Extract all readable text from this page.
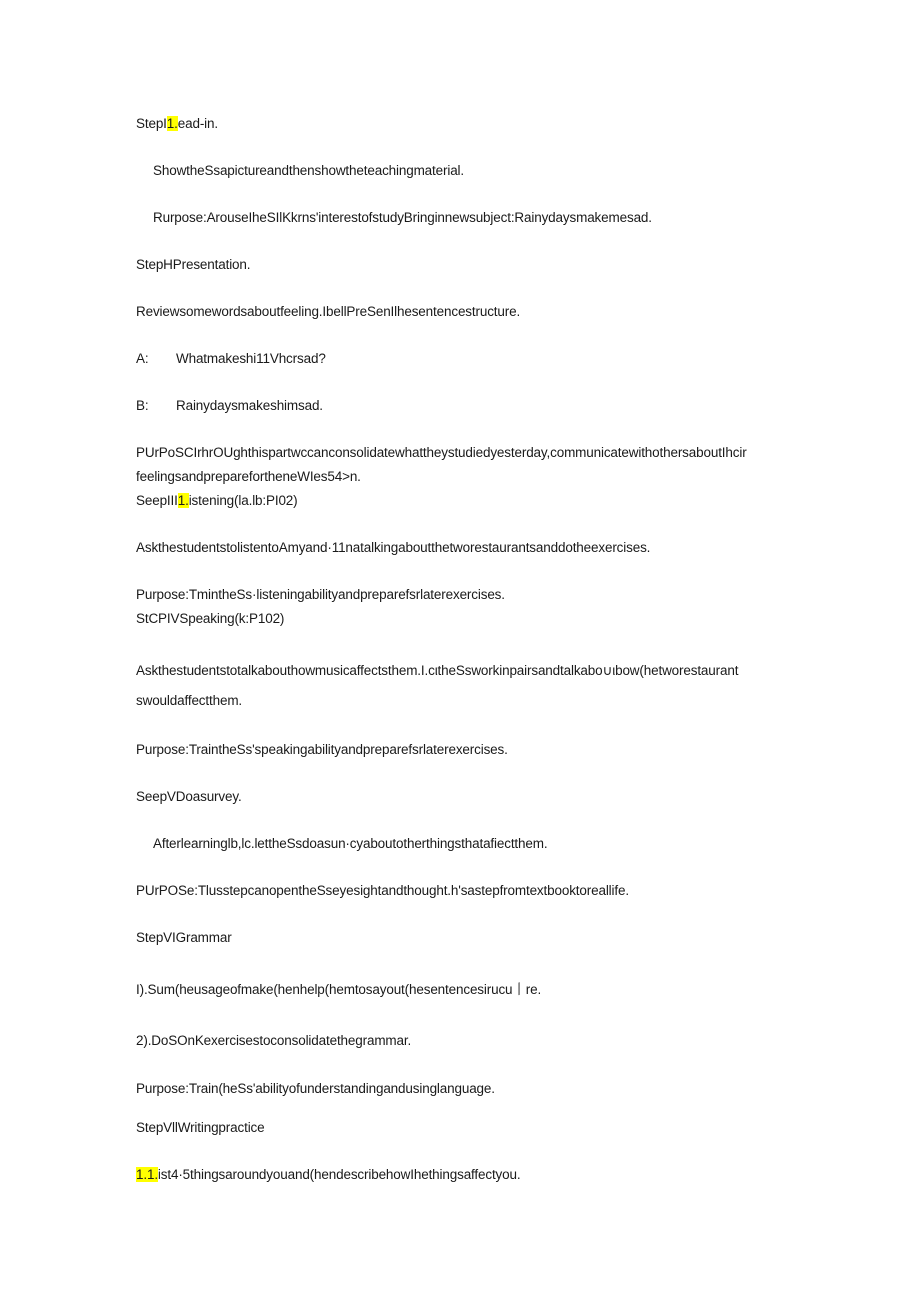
StepI1.ead-in.
ShowtheSsapictureandthenshowtheteachingmaterial.
Rurpose:ArouseIheSIlKkrns'interestofstudyBringinnewsubject:Rainydaysmakemesad.
StepHPresentation.
Reviewsomewordsaboutfeeling.IbellPreSenIlhesentencestructure.
A: Whatmakeshi11Vhcrsad?
B: Rainydaysmakeshimsad.
PUrPoSCIrhrOUghthispartwccanconsolidatewhattheystudiedyesterday,communicatewithothersaboutIhcir
feelingsandpreparefortheneWIes54>n.
SeepIII1.istening(la.lb:PI02)
AskthestudentstolistentoAmyand·11natalkingaboutthetworestaurantsanddotheexercises.
Purpose:TmintheSs·listeningabilityandpreparefsrlaterexercises.
StCPIVSpeaking(k:P102)
Askthestudentstotalkabouthowmusicaffectsthem.I.cιtheSsworkinpairsandtalkabo∪ιbow(hetworestaurant
swouldaffectthem.
Purpose:TraintheSs'speakingabilityandpreparefsrlaterexercises.
SeepVDoasurvey.
Afterlearninglb,lc.lettheSsdoasun·cyaboutotherthingsthatafiectthem.
PUrPOSe:TlusstepcanopentheSseyesightandthought.h'sastepfromtextbooktoreallife.
StepVIGrammar
I).Sum(heusageofmake(henhelp(hemtosayout(hesentencesirucu丨re.
2).DoSOnKexercisestoconsolidatethegrammar.
Purpose:Train(heSs'abilityofunderstandingandusinglanguage.
StepVllWritingpractice
1.1.ist4·5thingsaroundyouand(hendescribehowIhethingsaffectyou.
